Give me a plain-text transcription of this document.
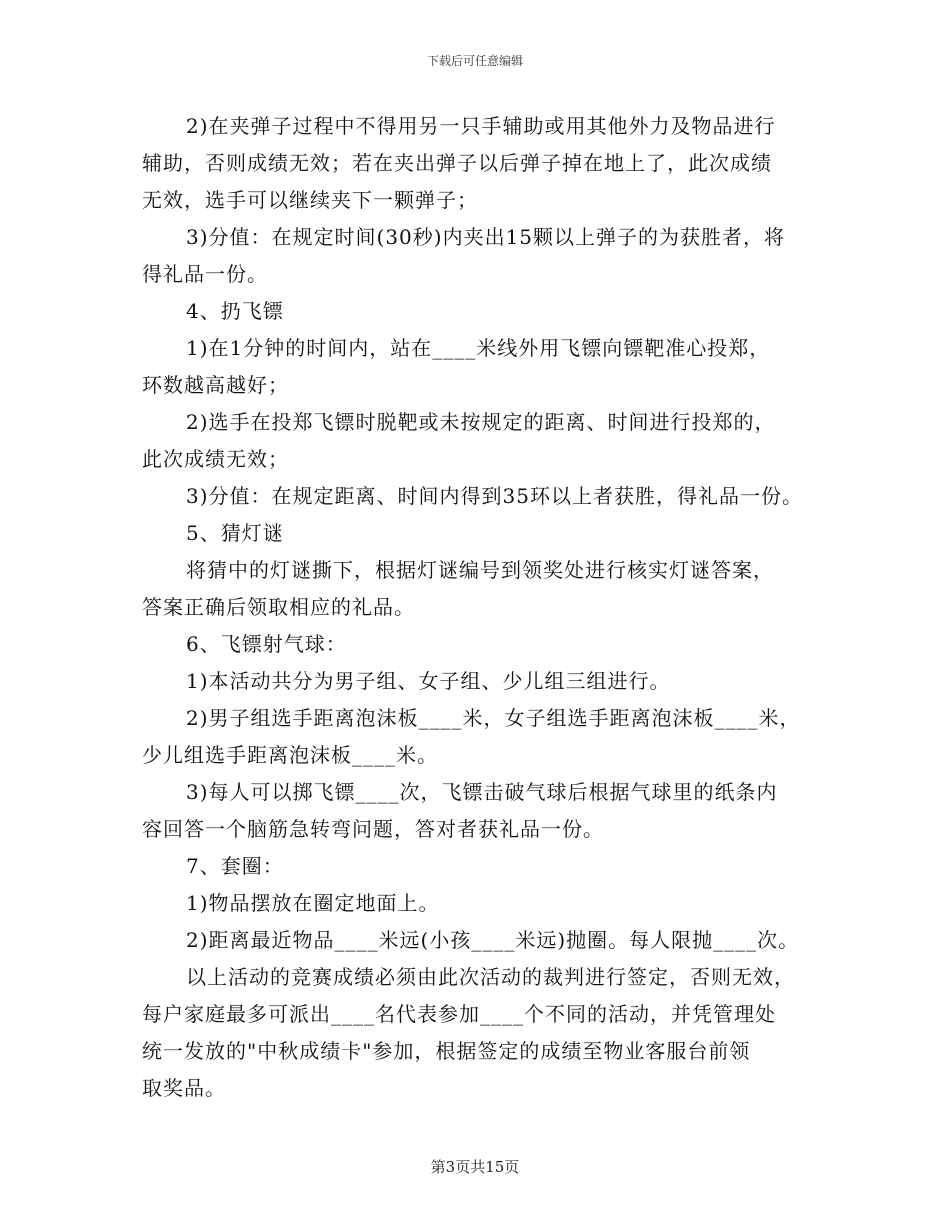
下载后可任意编辑

2)在夹弹子过程中不得用另一只手辅助或用其他外力及物品进行

辅助，否则成绩无效；若在夹出弹子以后弹子掉在地上了，此次成绩

无效，选手可以继续夹下一颗弹子；

3)分值：在规定时间(30秒)内夹出15颗以上弹子的为获胜者，将

得礼品一份。

4、扔飞镖

1)在1分钟的时间内，站在____米线外用飞镖向镖靶准心投郑，

环数越高越好；

2)选手在投郑飞镖时脱靶或未按规定的距离、时间进行投郑的，

此次成绩无效；

3)分值：在规定距离、时间内得到35环以上者获胜，得礼品一份。

5、猜灯谜

将猜中的灯谜撕下，根据灯谜编号到领奖处进行核实灯谜答案，

答案正确后领取相应的礼品。

6、飞镖射气球：

1)本活动共分为男子组、女子组、少儿组三组进行。

2)男子组选手距离泡沫板____米，女子组选手距离泡沫板____米，

少儿组选手距离泡沫板____米。

3)每人可以掷飞镖____次，飞镖击破气球后根据气球里的纸条内

容回答一个脑筋急转弯问题，答对者获礼品一份。

7、套圈：

1)物品摆放在圈定地面上。

2)距离最近物品____米远(小孩____米远)抛圈。每人限抛____次。

以上活动的竞赛成绩必须由此次活动的裁判进行签定，否则无效，

每户家庭最多可派出____名代表参加____个不同的活动，并凭管理处

统一发放的"中秋成绩卡"参加，根据签定的成绩至物业客服台前领

取奖品。

第3页共15页
